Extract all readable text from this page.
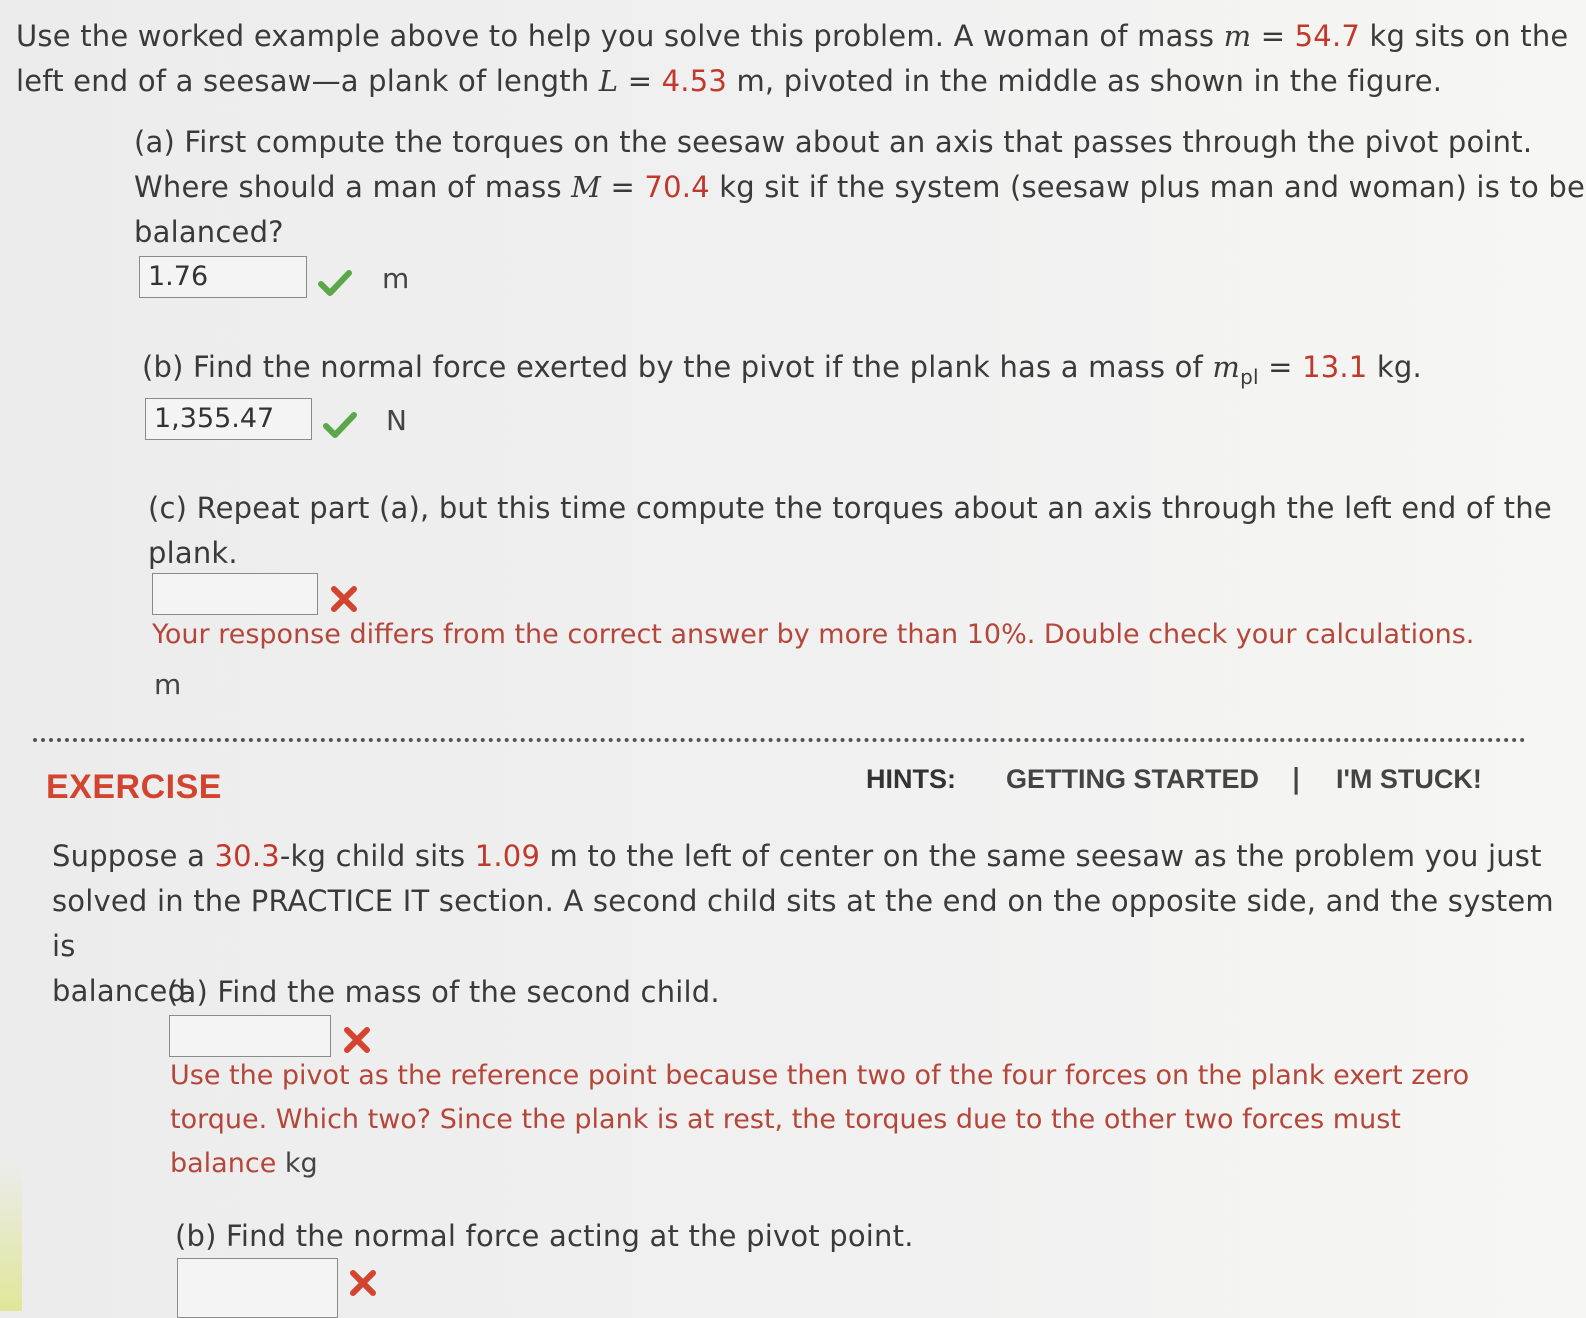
Use the worked example above to help you solve this problem. A woman of mass m = 54.7 kg sits on the
left end of a seesaw—a plank of length L = 4.53 m, pivoted in the middle as shown in the figure.
(a) First compute the torques on the seesaw about an axis that passes through the pivot point.
Where should a man of mass M = 70.4 kg sit if the system (seesaw plus man and woman) is to be
balanced?
1.76	m
(b) Find the normal force exerted by the pivot if the plank has a mass of $m_{pl} = 13.1$ kg.
1,355.47	N
(c) Repeat part (a), but this time compute the torques about an axis through the left end of the
plank.
Your response differs from the correct answer by more than 10%. Double check your calculations.
m
EXERCISE	HINTS: GETTING STARTED | I'M STUCK!
Suppose a 30.3-kg child sits 1.09 m to the left of center on the same seesaw as the problem you just
solved in the PRACTICE IT section. A second child sits at the end on the opposite side, and the system is
balanced.
(a) Find the mass of the second child.
Use the pivot as the reference point because then two of the four forces on the plank exert zero
torque. Which two? Since the plank is at rest, the torques due to the other two forces must
balance kg
(b) Find the normal force acting at the pivot point.
